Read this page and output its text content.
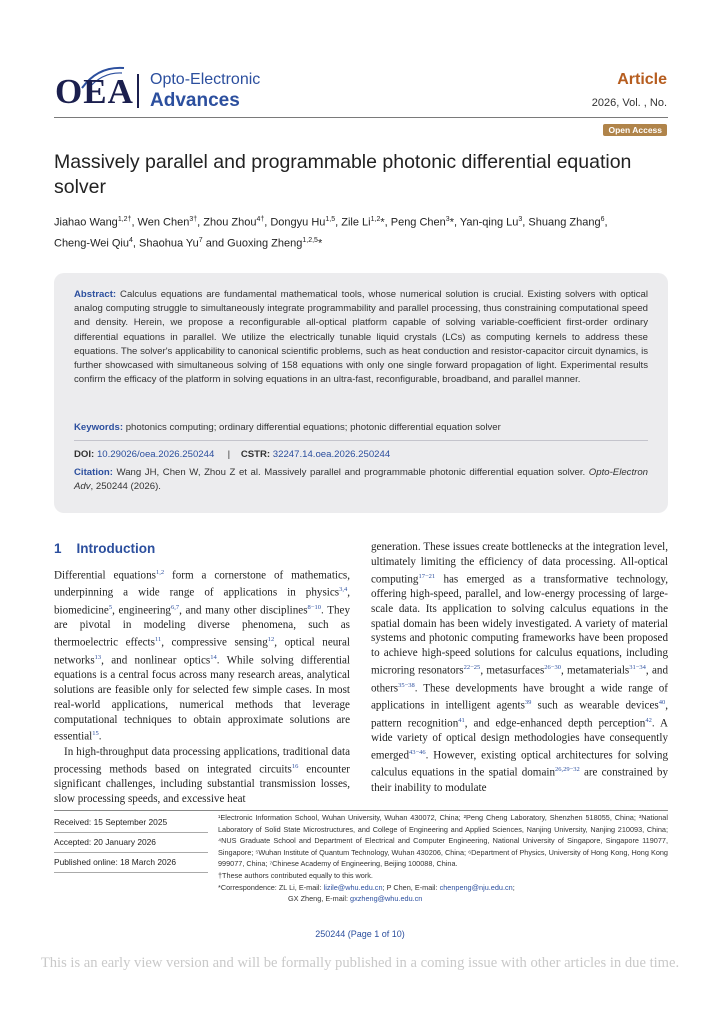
OEA Opto-Electronic
Advances
Article
2026, Vol. , No.
Open Access
Massively parallel and programmable photonic differential equation solver
Jiahao Wang$^{1,2\dagger}$, Wen Chen$^{3\dagger}$, Zhou Zhou$^{4\dagger}$, Dongyu Hu$^{1,5}$, Zile Li$^{1,2}$*, Peng Chen$^3$*, Yan-qing Lu$^3$, Shuang Zhang$^6$,
Cheng-Wei Qiu$^4$, Shaohua Yu$^7$ and Guoxing Zheng$^{1,2,5}$*
Abstract: Calculus equations are fundamental mathematical tools, whose numerical solution is crucial. Existing solvers with optical analog computing struggle to simultaneously integrate programmability and parallel processing, thus constraining computational speed and density. Herein, we propose a reconfigurable all-optical platform capable of solving variable-coefficient first-order ordinary differential equations in parallel. We utilize the electrically tunable liquid crystals (LCs) as computing kernels to address these equations. The solver's applicability to canonical scientific problems, such as heat conduction and resistor-capacitor circuit dynamics, is further showcased with simultaneous solving of 158 equations with only one single forward propagation of light. Experimental results confirm the efficacy of the platform in solving equations in an ultra-fast, reconfigurable, broadband, and parallel manner.
Keywords: photonics computing; ordinary differential equations; photonic differential equation solver
DOI: 10.29026/oea.2026.250244 | CSTR: 32247.14.oea.2026.250244
Citation: Wang JH, Chen W, Zhou Z et al. Massively parallel and programmable photonic differential equation solver. Opto-Electron Adv, 250244 (2026).
1    Introduction

Differential equations$^{1,2}$ form a cornerstone of mathematics, underpinning a wide range of applications in physics$^{3,4}$, biomedicine$^5$, engineering$^{6,7}$, and many other disciplines$^{8-10}$. They are pivotal in modeling diverse phenomena, such as thermoelectric effects$^{11}$, compressive sensing$^{12}$, optical neural networks$^{13}$, and nonlinear optics$^{14}$. While solving differential equations is a central focus across many research areas, analytical solutions are feasible only for selected few simple cases. In most real-world applications, numerical methods that leverage computational techniques to obtain approximate solutions are essential$^{15}$.

In high-throughput data processing applications, traditional data processing methods based on integrated circuits$^{16}$ encounter significant challenges, including substantial transmission losses, slow processing speeds, and excessive heat

generation. These issues create bottlenecks at the integration level, ultimately limiting the efficiency of data processing. All-optical computing$^{17-21}$ has emerged as a transformative technology, offering high-speed, parallel, and low-energy processing of large-scale data. Its application to solving calculus equations in the spatial domain has been widely investigated. A variety of material systems and photonic computing frameworks have been proposed to achieve high-speed solutions for calculus equations, including microring resonators$^{22-25}$, metasurfaces$^{26-30}$, metamaterials$^{31-34}$, and others$^{35-38}$. These developments have brought a wide range of applications in intelligent agents$^{39}$ such as wearable devices$^{40}$, pattern recognition$^{41}$, and edge-enhanced depth perception$^{42}$. A wide variety of optical design methodologies have consequently emerged$^{43-46}$. However, existing optical architectures for solving calculus equations in the spatial domain$^{26,29-32}$ are constrained by their inability to modulate

Received: 15 September 2025
Accepted: 20 January 2026
Published online: 18 March 2026
¹Electronic Information School, Wuhan University, Wuhan 430072, China; ²Peng Cheng Laboratory, Shenzhen 518055, China; ³National Laboratory of Solid State Microstructures, and College of Engineering and Applied Sciences, Nanjing University, Nanjing 210093, China; ⁴NUS Graduate School and Department of Electrical and Computer Engineering, National University of Singapore, Singapore 119077, Singapore; ⁵Wuhan Institute of Quantum Technology, Wuhan 430206, China; ⁶Department of Physics, University of Hong Kong, Hong Kong 999077, China; ⁷Chinese Academy of Engineering, Beijing 100088, China.
†These authors contributed equally to this work.
*Correspondence: ZL Li, E-mail: lizile@whu.edu.cn; P Chen, E-mail: chenpeng@nju.edu.cn;
GX Zheng, E-mail: gxzheng@whu.edu.cn
250244 (Page 1 of 10)
This is an early view version and will be formally published in a coming issue with other articles in due time.
